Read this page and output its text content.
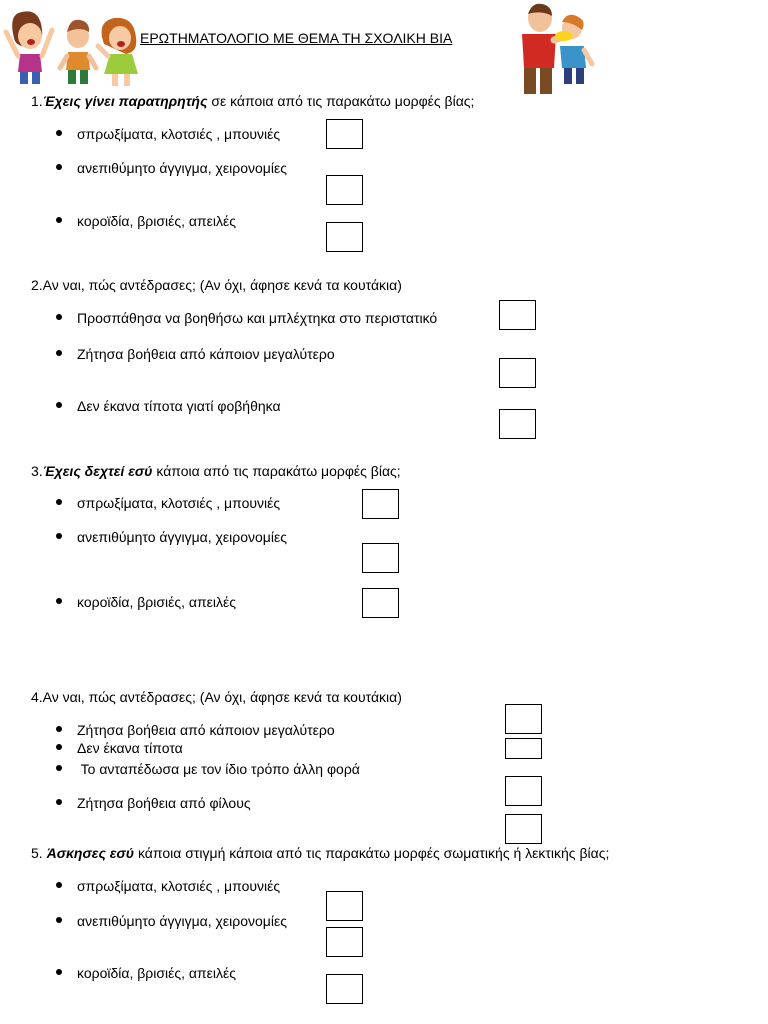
ΕΡΩΤΗΜΑΤΟΛΟΓΙΟ ΜΕ ΘΕΜΑ ΤΗ ΣΧΟΛΙΚΗ ΒΙΑ
1.Έχεις γίνει παρατηρητής σε κάποια από τις παρακάτω μορφές βίας;
σπρωξίματα, κλοτσιές , μπουνιές
ανεπιθύμητο άγγιγμα, χειρονομίες
κοροϊδία, βρισιές, απειλές
2.Αν ναι, πώς αντέδρασες; (Αν όχι, άφησε κενά τα κουτάκια)
Προσπάθησα να βοηθήσω και μπλέχτηκα στο περιστατικό
Ζήτησα βοήθεια από κάποιον μεγαλύτερο
Δεν έκανα τίποτα γιατί φοβήθηκα
3.Έχεις δεχτεί εσύ κάποια από τις παρακάτω μορφές βίας;
σπρωξίματα, κλοτσιές , μπουνιές
ανεπιθύμητο άγγιγμα, χειρονομίες
κοροϊδία, βρισιές, απειλές
4.Αν ναι, πώς αντέδρασες; (Αν όχι, άφησε κενά τα κουτάκια)
Ζήτησα βοήθεια από κάποιον μεγαλύτερο
Δεν έκανα τίποτα
Το ανταπέδωσα με τον ίδιο τρόπο άλλη φορά
Ζήτησα βοήθεια από φίλους
5. Άσκησες εσύ κάποια στιγμή κάποια από τις παρακάτω μορφές σωματικής ή λεκτικής βίας;
σπρωξίματα, κλοτσιές , μπουνιές
ανεπιθύμητο άγγιγμα, χειρονομίες
κοροϊδία, βρισιές, απειλές
